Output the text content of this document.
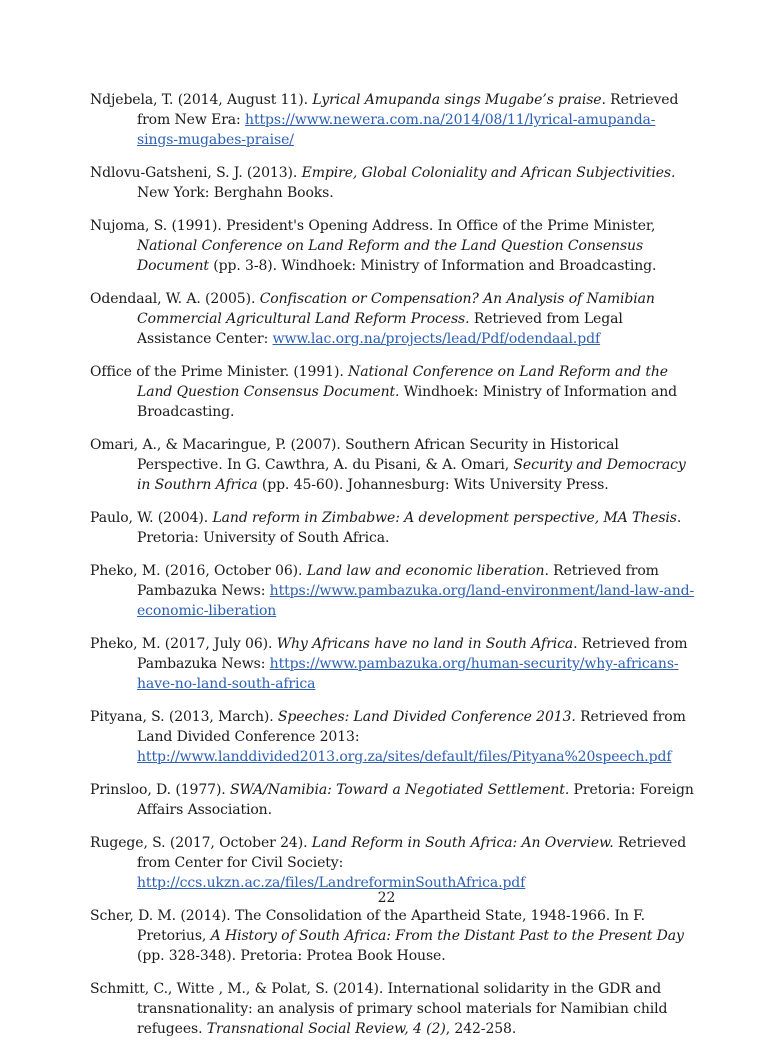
Ndjebela, T. (2014, August 11). Lyrical Amupanda sings Mugabe’s praise. Retrieved from New Era: https://www.newera.com.na/2014/08/11/lyrical-amupanda-sings-mugabes-praise/

Ndlovu-Gatsheni, S. J. (2013). Empire, Global Coloniality and African Subjectivities. New York: Berghahn Books.

Nujoma, S. (1991). President's Opening Address. In Office of the Prime Minister, National Conference on Land Reform and the Land Question Consensus Document (pp. 3-8). Windhoek: Ministry of Information and Broadcasting.

Odendaal, W. A. (2005). Confiscation or Compensation? An Analysis of Namibian Commercial Agricultural Land Reform Process. Retrieved from Legal Assistance Center: www.lac.org.na/projects/lead/Pdf/odendaal.pdf

Office of the Prime Minister. (1991). National Conference on Land Reform and the Land Question Consensus Document. Windhoek: Ministry of Information and Broadcasting.

Omari, A., & Macaringue, P. (2007). Southern African Security in Historical Perspective. In G. Cawthra, A. du Pisani, & A. Omari, Security and Democracy in Southrn Africa (pp. 45-60). Johannesburg: Wits University Press.

Paulo, W. (2004). Land reform in Zimbabwe: A development perspective, MA Thesis. Pretoria: University of South Africa.

Pheko, M. (2016, October 06). Land law and economic liberation. Retrieved from Pambazuka News: https://www.pambazuka.org/land-environment/land-law-and-economic-liberation

Pheko, M. (2017, July 06). Why Africans have no land in South Africa. Retrieved from Pambazuka News: https://www.pambazuka.org/human-security/why-africans-have-no-land-south-africa

Pityana, S. (2013, March). Speeches: Land Divided Conference 2013. Retrieved from Land Divided Conference 2013: http://www.landdivided2013.org.za/sites/default/files/Pityana%20speech.pdf

Prinsloo, D. (1977). SWA/Namibia: Toward a Negotiated Settlement. Pretoria: Foreign Affairs Association.

Rugege, S. (2017, October 24). Land Reform in South Africa: An Overview. Retrieved from Center for Civil Society: http://ccs.ukzn.ac.za/files/LandreforminSouthAfrica.pdf

Scher, D. M. (2014). The Consolidation of the Apartheid State, 1948-1966. In F. Pretorius, A History of South Africa: From the Distant Past to the Present Day (pp. 328-348). Pretoria: Protea Book House.

Schmitt, C., Witte , M., & Polat, S. (2014). International solidarity in the GDR and transnationality: an analysis of primary school materials for Namibian child refugees. Transnational Social Review, 4 (2), 242-258.

22
